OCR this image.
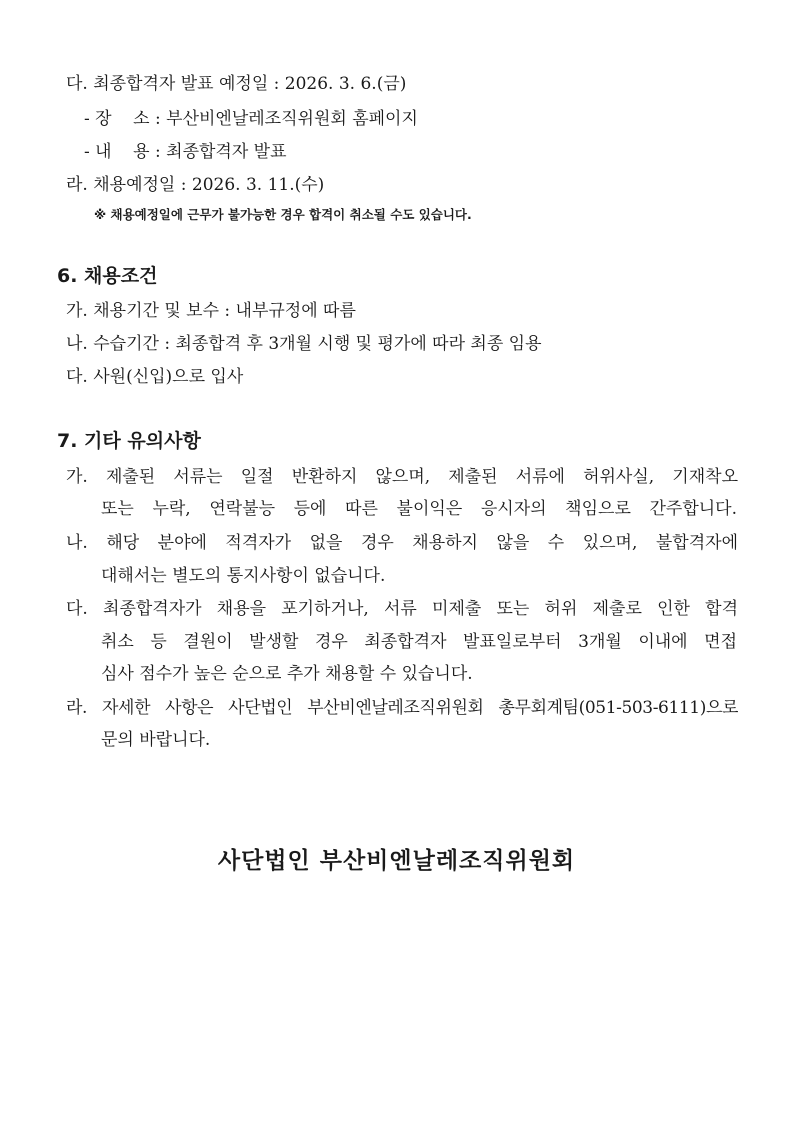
다. 최종합격자 발표 예정일 : 2026. 3. 6.(금)
- 장    소 : 부산비엔날레조직위원회 홈페이지
- 내    용 : 최종합격자 발표
라. 채용예정일 : 2026. 3. 11.(수)
※ 채용예정일에 근무가 불가능한 경우 합격이 취소될 수도 있습니다.
6. 채용조건
가. 채용기간 및 보수 : 내부규정에 따름
나. 수습기간 : 최종합격 후 3개월 시행 및 평가에 따라 최종 임용
다. 사원(신입)으로 입사
7. 기타 유의사항
가. 제출된 서류는 일절 반환하지 않으며, 제출된 서류에 허위사실, 기재착오
또는 누락, 연락불능 등에 따른 불이익은 응시자의 책임으로 간주합니다.
나. 해당 분야에 적격자가 없을 경우 채용하지 않을 수 있으며, 불합격자에
대해서는 별도의 통지사항이 없습니다.
다. 최종합격자가 채용을 포기하거나, 서류 미제출 또는 허위 제출로 인한 합격
취소 등 결원이 발생할 경우 최종합격자 발표일로부터 3개월 이내에 면접
심사 점수가 높은 순으로 추가 채용할 수 있습니다.
라. 자세한 사항은 사단법인 부산비엔날레조직위원회 총무회계팀(051-503-6111)으로
문의 바랍니다.
사단법인 부산비엔날레조직위원회
